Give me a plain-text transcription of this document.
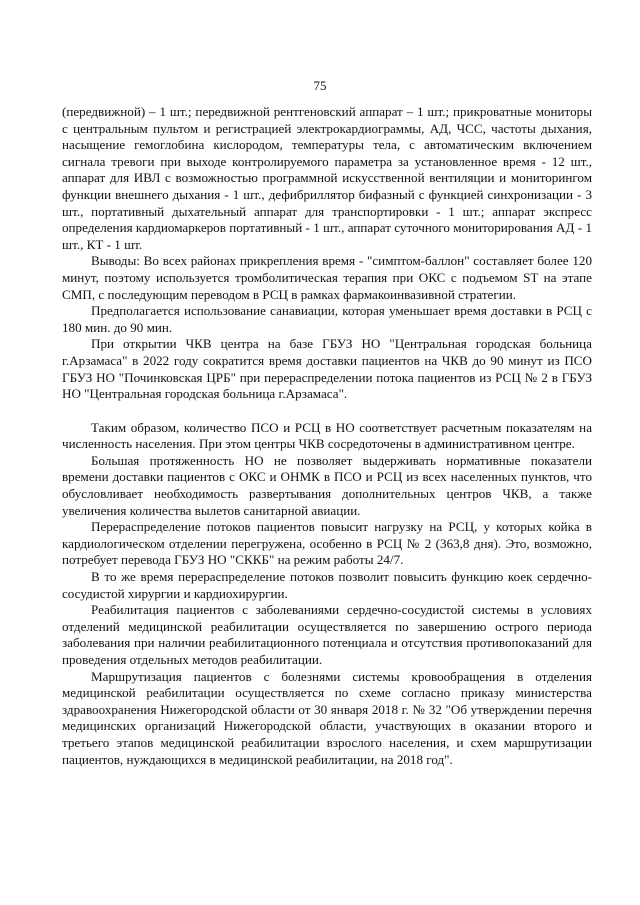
75

(передвижной) – 1 шт.; передвижной рентгеновский аппарат – 1 шт.; прикроватные мониторы с центральным пультом и регистрацией электрокардиограммы, АД, ЧСС, частоты дыхания, насыщение гемоглобина кислородом, температуры тела, с автоматическим включением сигнала тревоги при выходе контролируемого параметра за установленное время - 12 шт., аппарат для ИВЛ с возможностью программной искусственной вентиляции и мониторингом функции внешнего дыхания - 1 шт., дефибриллятор бифазный с функцией синхронизации - 3 шт., портативный дыхательный аппарат для транспортировки - 1 шт.; аппарат экспресс определения кардиомаркеров портативный - 1 шт., аппарат суточного мониторирования АД - 1 шт., КТ - 1 шт.

Выводы: Во всех районах прикрепления время - "симптом-баллон" составляет более 120 минут, поэтому используется тромболитическая терапия при ОКС с подъемом ST на этапе СМП, с последующим переводом в РСЦ в рамках фармакоинвазивной стратегии.

Предполагается использование санавиации, которая уменьшает время доставки в РСЦ с 180 мин. до 90 мин.

При открытии ЧКВ центра на базе ГБУЗ НО "Центральная городская больница г.Арзамаса" в 2022 году сократится время доставки пациентов на ЧКВ до 90 минут из ПСО ГБУЗ НО "Починковская ЦРБ" при перераспределении потока пациентов из РСЦ № 2 в ГБУЗ НО "Центральная городская больница г.Арзамаса".

Таким образом, количество ПСО и РСЦ в НО соответствует расчетным показателям на численность населения. При этом центры ЧКВ сосредоточены в административном центре.

Большая протяженность НО не позволяет выдерживать нормативные показатели времени доставки пациентов с ОКС и ОНМК в ПСО и РСЦ из всех населенных пунктов, что обусловливает необходимость развертывания дополнительных центров ЧКВ, а также увеличения количества вылетов санитарной авиации.

Перераспределение потоков пациентов повысит нагрузку на РСЦ, у которых койка в кардиологическом отделении перегружена, особенно в РСЦ № 2 (363,8 дня). Это, возможно, потребует перевода ГБУЗ НО "СККБ" на режим работы 24/7.

В то же время перераспределение потоков позволит повысить функцию коек сердечно-сосудистой хирургии и кардиохирургии.

Реабилитация пациентов с заболеваниями сердечно-сосудистой системы в условиях отделений медицинской реабилитации осуществляется по завершению острого периода заболевания при наличии реабилитационного потенциала и отсутствия противопоказаний для проведения отдельных методов реабилитации.

Маршрутизация пациентов с болезнями системы кровообращения в отделения медицинской реабилитации осуществляется по схеме согласно приказу министерства здравоохранения Нижегородской области от 30 января 2018 г. № 32 "Об утверждении перечня медицинских организаций Нижегородской области, участвующих в оказании второго и третьего этапов медицинской реабилитации взрослого населения, и схем маршрутизации пациентов, нуждающихся в медицинской реабилитации, на 2018 год".
